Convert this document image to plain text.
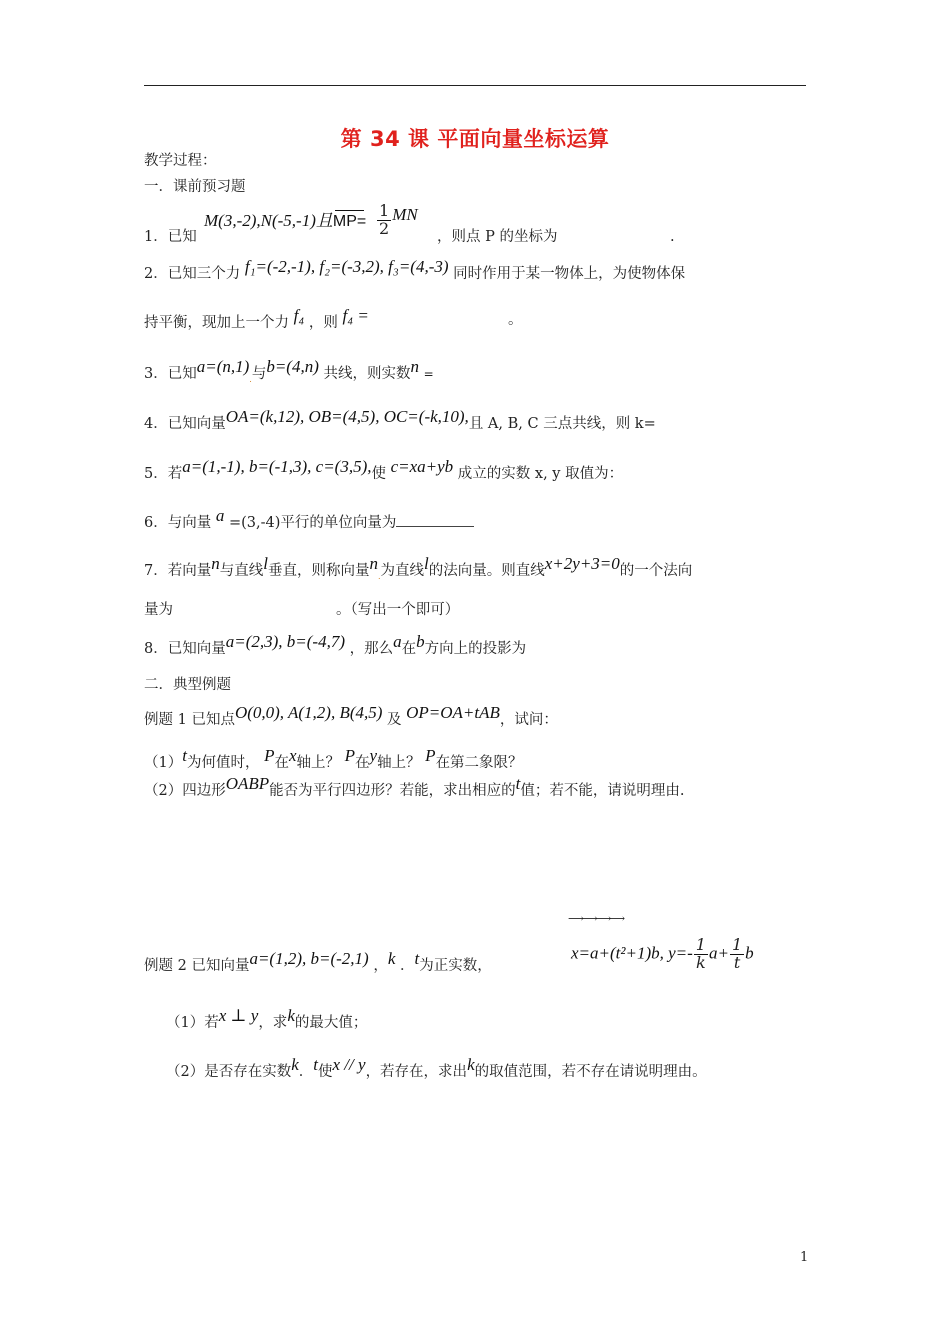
第 34 课 平面向量坐标运算
教学过程：
一．课前预习题
M(3,-2),N(-5,-1)且$MP= \frac{1}{2}$ MN
1．已知	，则点 P 的坐标为	.
2．已知三个力 f₁=(-2,-1), f₂=(-3,2), f₃=(4,-3) 同时作用于某一物体上，为使物体保
持平衡，现加上一个力 f₄ ，则 f₄ =	。
3．已知$a=(n,1)_.$与b=(4,n) 共线，则实数n =
4．已知向量OA=(k,12), OB=(4,5), OC=(-k,10),且 A, B, C 三点共线，则 k=
5．若a=(1,-1), b=(-1,3), c=(3,5),使 c=xa+yb 成立的实数 x, y 取值为：
6．与向量 a =(3,-4)平行的单位向量为
7．若向量n与直线l垂直，则称向量$n_.$为直线l的法向量。则直线x+2y+3=0的一个法向
量为	。（写出一个即可）
8．已知向量a=(2,3), b=(-4,7) ，那么a在b方向上的投影为
二．典型例题
例题 1 已知点O(0,0), A(1,2), B(4,5) 及 OP=OA+tAB，试问：
（1）t为何值时， P在x轴上？ P在y轴上？ P在第二象限？
（2）四边形OABP能否为平行四边形？若能，求出相应的t值；若不能，请说明理由.
⟶⟶⟶⟶
x=a+(t²+1)b, $y=- \frac{1}{k} a+ \frac{1}{t}$ b
例题 2 已知向量a=(1,2), b=(-2,1) ，k ．t为正实数，
（1）若x ⊥ y，求k的最大值；
（2）是否存在实数k．t使x // y，若存在，求出k的取值范围，若不存在请说明理由。
1
